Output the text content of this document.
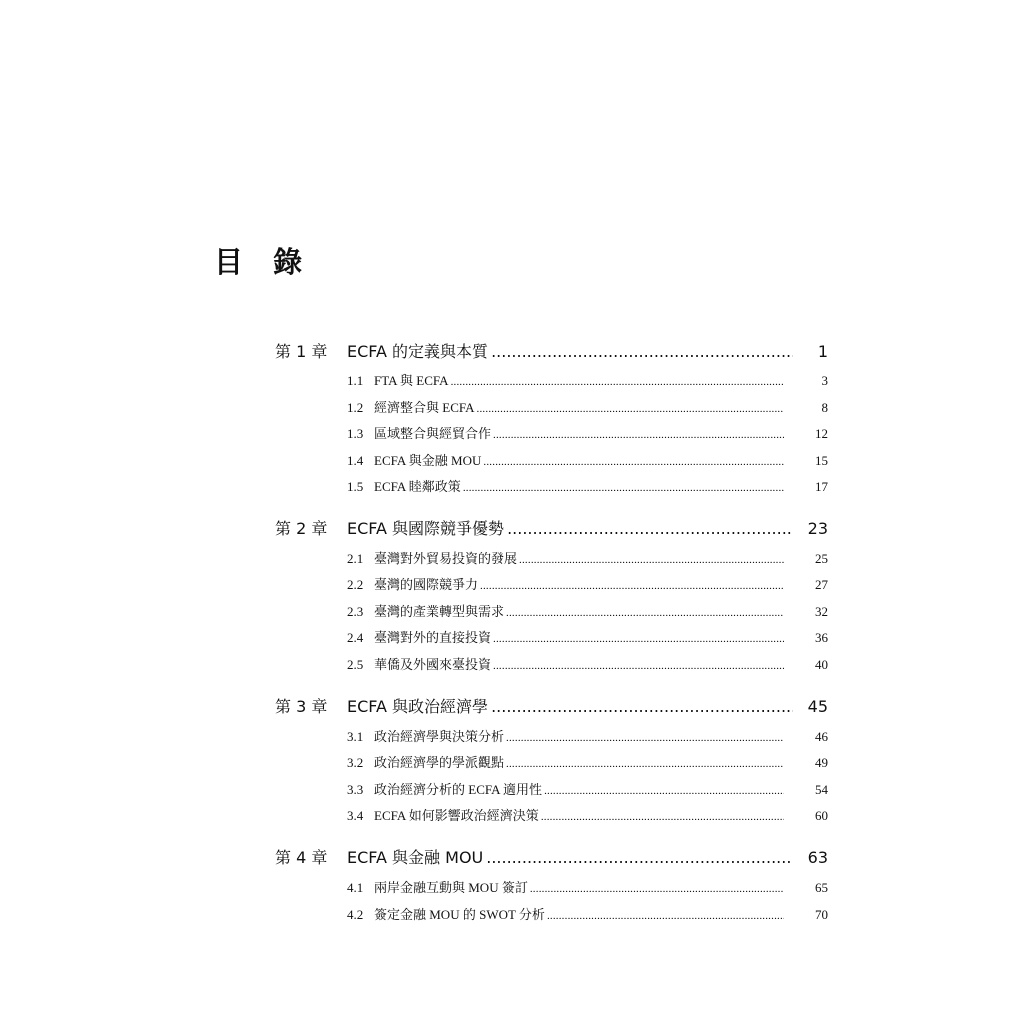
目 錄
第 1 章 ECFA 的定義與本質 .....	1
1.1 FTA 與 ECFA .....	3
1.2 經濟整合與 ECFA .....	8
1.3 區域整合與經貿合作 .....	12
1.4 ECFA 與金融 MOU .....	15
1.5 ECFA 睦鄰政策 .....	17
第 2 章 ECFA 與國際競爭優勢 .....	23
2.1 臺灣對外貿易投資的發展 .....	25
2.2 臺灣的國際競爭力 .....	27
2.3 臺灣的產業轉型與需求 .....	32
2.4 臺灣對外的直接投資 .....	36
2.5 華僑及外國來臺投資 .....	40
第 3 章 ECFA 與政治經濟學 .....	45
3.1 政治經濟學與決策分析 .....	46
3.2 政治經濟學的學派觀點 .....	49
3.3 政治經濟分析的 ECFA 適用性 .....	54
3.4 ECFA 如何影響政治經濟決策 .....	60
第 4 章 ECFA 與金融 MOU .....	63
4.1 兩岸金融互動與 MOU 簽訂 .....	65
4.2 簽定金融 MOU 的 SWOT 分析 .....	70
